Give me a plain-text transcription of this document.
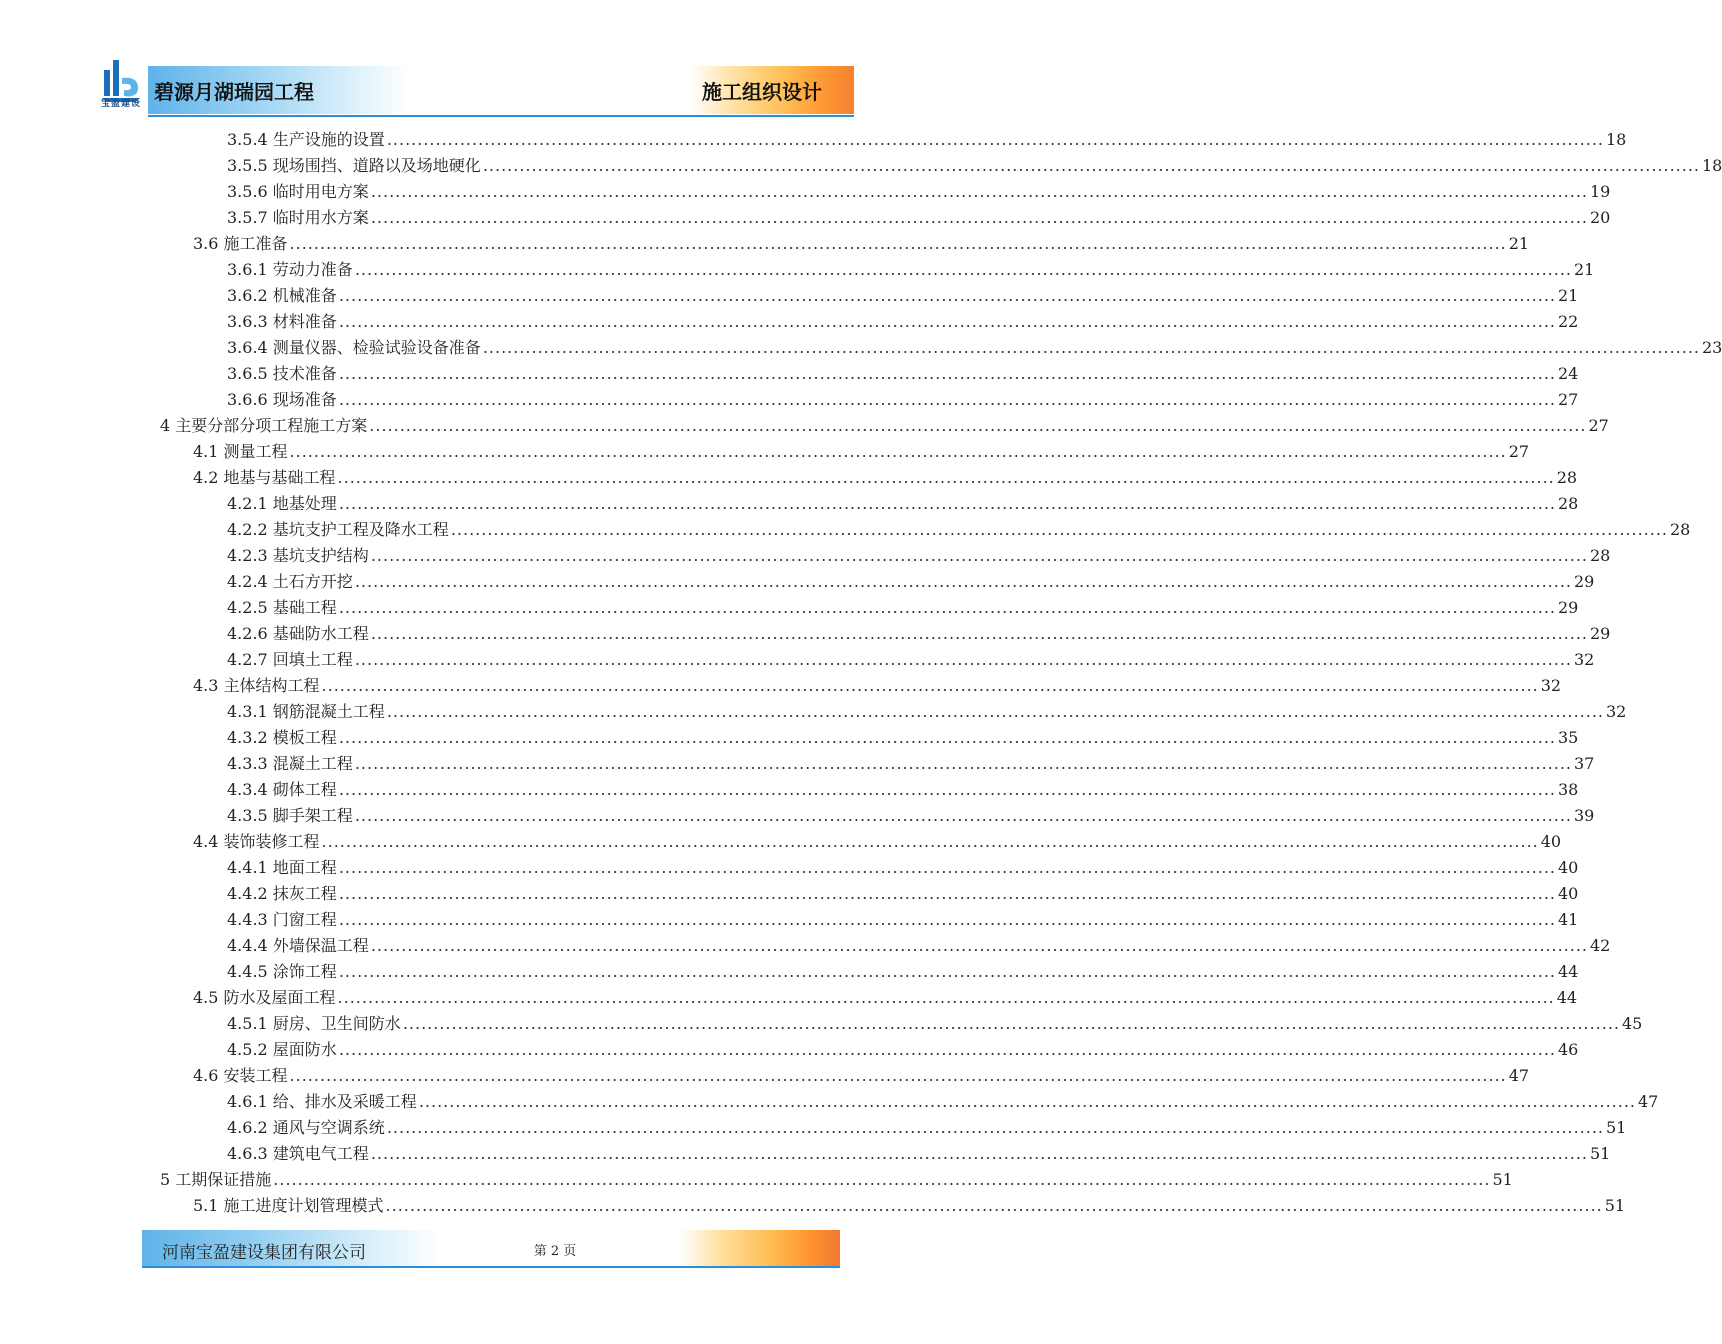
宝盈建设 碧源月湖瑞园工程	施工组织设计
3.5.4 生产设施的设置 ........................................................................................................................................................................................................ 18
3.5.5 现场围挡、道路以及场地硬化 ........................................................................................................................................................................................................ 18
3.5.6 临时用电方案 ........................................................................................................................................................................................................ 19
3.5.7 临时用水方案 ........................................................................................................................................................................................................ 20
3.6 施工准备 ........................................................................................................................................................................................................ 21
3.6.1 劳动力准备 ........................................................................................................................................................................................................ 21
3.6.2 机械准备 ........................................................................................................................................................................................................ 21
3.6.3 材料准备 ........................................................................................................................................................................................................ 22
3.6.4 测量仪器、检验试验设备准备 ........................................................................................................................................................................................................ 23
3.6.5 技术准备 ........................................................................................................................................................................................................ 24
3.6.6 现场准备 ........................................................................................................................................................................................................ 27
4 主要分部分项工程施工方案 ........................................................................................................................................................................................................ 27
4.1 测量工程 ........................................................................................................................................................................................................ 27
4.2 地基与基础工程 ........................................................................................................................................................................................................ 28
4.2.1 地基处理 ........................................................................................................................................................................................................ 28
4.2.2 基坑支护工程及降水工程 ........................................................................................................................................................................................................ 28
4.2.3 基坑支护结构 ........................................................................................................................................................................................................ 28
4.2.4 土石方开挖 ........................................................................................................................................................................................................ 29
4.2.5 基础工程 ........................................................................................................................................................................................................ 29
4.2.6 基础防水工程 ........................................................................................................................................................................................................ 29
4.2.7 回填土工程 ........................................................................................................................................................................................................ 32
4.3 主体结构工程 ........................................................................................................................................................................................................ 32
4.3.1 钢筋混凝土工程 ........................................................................................................................................................................................................ 32
4.3.2 模板工程 ........................................................................................................................................................................................................ 35
4.3.3 混凝土工程 ........................................................................................................................................................................................................ 37
4.3.4 砌体工程 ........................................................................................................................................................................................................ 38
4.3.5 脚手架工程 ........................................................................................................................................................................................................ 39
4.4 装饰装修工程 ........................................................................................................................................................................................................ 40
4.4.1 地面工程 ........................................................................................................................................................................................................ 40
4.4.2 抹灰工程 ........................................................................................................................................................................................................ 40
4.4.3 门窗工程 ........................................................................................................................................................................................................ 41
4.4.4 外墙保温工程 ........................................................................................................................................................................................................ 42
4.4.5 涂饰工程 ........................................................................................................................................................................................................ 44
4.5 防水及屋面工程 ........................................................................................................................................................................................................ 44
4.5.1 厨房、卫生间防水 ........................................................................................................................................................................................................ 45
4.5.2 屋面防水 ........................................................................................................................................................................................................ 46
4.6 安装工程 ........................................................................................................................................................................................................ 47
4.6.1 给、排水及采暖工程 ........................................................................................................................................................................................................ 47
4.6.2 通风与空调系统 ........................................................................................................................................................................................................ 51
4.6.3 建筑电气工程 ........................................................................................................................................................................................................ 51
5 工期保证措施 ........................................................................................................................................................................................................ 51
5.1 施工进度计划管理模式 ........................................................................................................................................................................................................ 51
河南宝盈建设集团有限公司	第 2 页
